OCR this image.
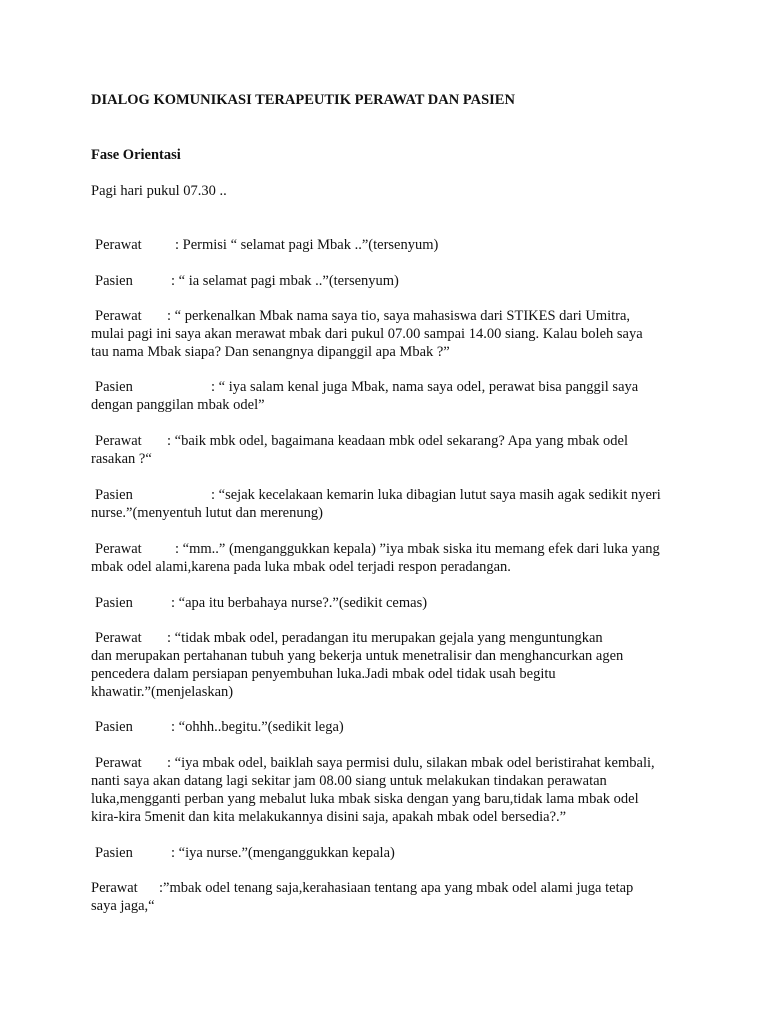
DIALOG KOMUNIKASI TERAPEUTIK PERAWAT DAN PASIEN
Fase Orientasi
Pagi hari pukul 07.30 ..
Perawat : Permisi “ selamat pagi Mbak ..”(tersenyum)
Pasien	: “ ia selamat pagi mbak ..”(tersenyum)
Perawat : “ perkenalkan Mbak nama saya tio, saya mahasiswa dari STIKES dari Umitra,
mulai pagi ini saya akan merawat mbak dari pukul 07.00 sampai 14.00 siang. Kalau boleh saya
tau nama Mbak siapa? Dan senangnya dipanggil apa Mbak ?”
Pasien	: “ iya salam kenal juga Mbak, nama saya odel, perawat bisa panggil saya
dengan panggilan mbak odel”
Perawat : “baik mbk odel, bagaimana keadaan mbk odel sekarang? Apa yang mbak odel
rasakan ?“
Pasien	: “sejak kecelakaan kemarin luka dibagian lutut saya masih agak sedikit nyeri
nurse.”(menyentuh lutut dan merenung)
Perawat : “mm..” (menganggukkan kepala) ”iya mbak siska itu memang efek dari luka yang
mbak odel alami,karena pada luka mbak odel terjadi respon peradangan.
Pasien	: “apa itu berbahaya nurse?.”(sedikit cemas)
Perawat : “tidak mbak odel, peradangan itu merupakan gejala yang menguntungkan
dan merupakan pertahanan tubuh yang bekerja untuk menetralisir dan menghancurkan agen
pencedera dalam persiapan penyembuhan luka.Jadi mbak odel tidak usah begitu
khawatir.”(menjelaskan)
Pasien	: “ohhh..begitu.”(sedikit lega)
Perawat : “iya mbak odel, baiklah saya permisi dulu, silakan mbak odel beristirahat kembali,
nanti saya akan datang lagi sekitar jam 08.00 siang untuk melakukan tindakan perawatan
luka,mengganti perban yang mebalut luka mbak siska dengan yang baru,tidak lama mbak odel
kira-kira 5menit dan kita melakukannya disini saja, apakah mbak odel bersedia?.”
Pasien	: “iya nurse.”(menganggukkan kepala)
Perawat :”mbak odel tenang saja,kerahasiaan tentang apa yang mbak odel alami juga tetap
saya jaga,“
